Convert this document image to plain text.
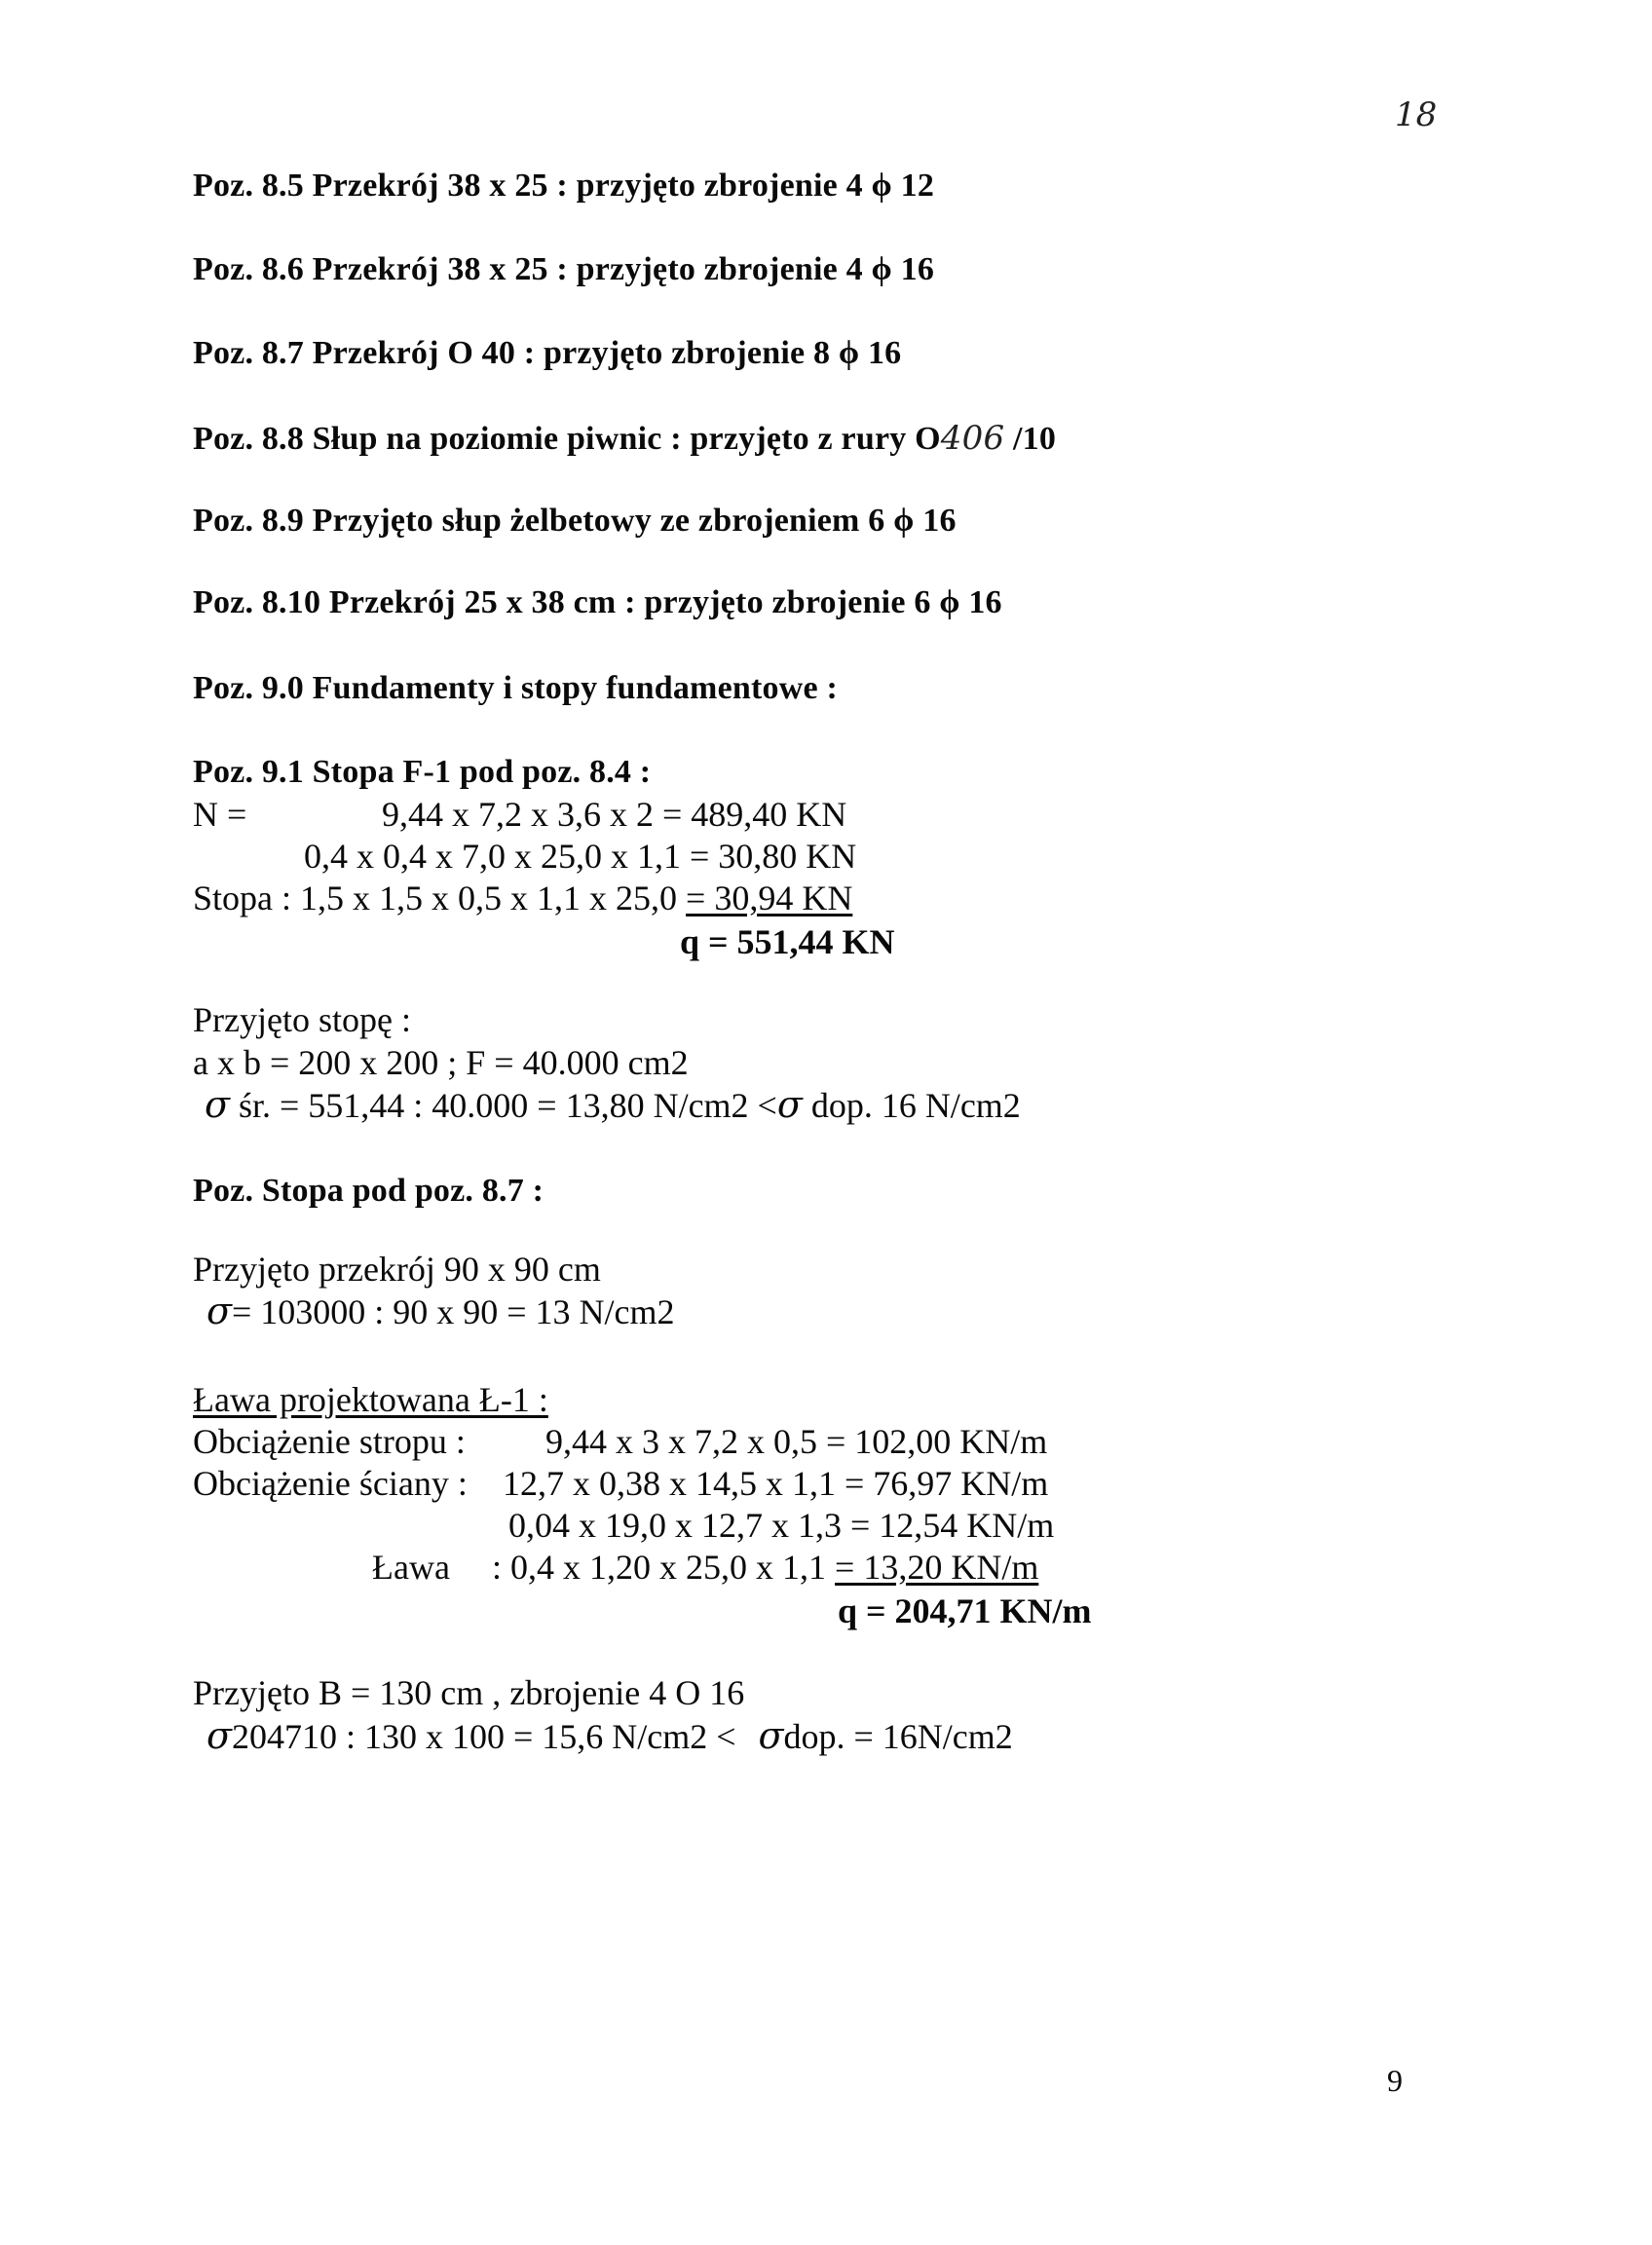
18
Poz. 8.5 Przekrój 38 x 25 : przyjęto zbrojenie 4 ϕ 12
Poz. 8.6 Przekrój 38 x 25 : przyjęto zbrojenie 4 ϕ 16
Poz. 8.7 Przekrój O 40 : przyjęto zbrojenie 8 ϕ 16
Poz. 8.8 Słup na poziomie piwnic : przyjęto z rury O406 /10
Poz. 8.9 Przyjęto słup żelbetowy ze zbrojeniem 6 ϕ 16
Poz. 8.10 Przekrój 25 x 38 cm : przyjęto zbrojenie 6 ϕ 16
Poz. 9.0 Fundamenty i stopy fundamentowe :
Poz. 9.1 Stopa F-1 pod poz. 8.4 :
N =	9,44 x 7,2 x 3,6 x 2 = 489,40 KN
0,4 x 0,4 x 7,0 x 25,0 x 1,1 = 30,80 KN
Stopa : 1,5 x 1,5 x 0,5 x 1,1 x 25,0 = 30,94 KN
q = 551,44 KN
Przyjęto stopę :
a x b = 200 x 200 ; F = 40.000 cm2
σ śr. = 551,44 : 40.000 = 13,80 N/cm2 <σ dop. 16 N/cm2
Poz. Stopa pod poz. 8.7 :
Przyjęto przekrój 90 x 90 cm
σ= 103000 : 90 x 90 = 13 N/cm2
Ława projektowana Ł-1 :
Obciążenie stropu : 9,44 x 3 x 7,2 x 0,5 = 102,00 KN/m
Obciążenie ściany : 12,7 x 0,38 x 14,5 x 1,1 = 76,97 KN/m
0,04 x 19,0 x 12,7 x 1,3 = 12,54 KN/m
Ława : 0,4 x 1,20 x 25,0 x 1,1 = 13,20 KN/m
q = 204,71 KN/m
Przyjęto B = 130 cm , zbrojenie 4 O 16
σ204710 : 130 x 100 = 15,6 N/cm2 < σdop. = 16N/cm2
9
